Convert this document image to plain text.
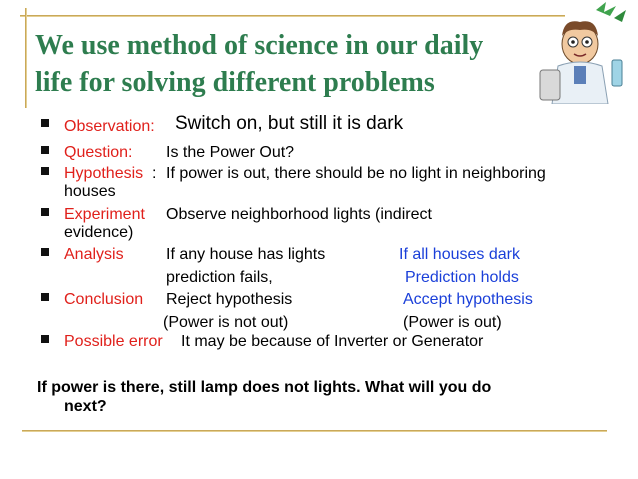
We use method of science in our daily
life for solving different problems
Observation: Switch on, but still it is dark
Question: Is the Power Out?
Hypothesis : If power is out, there should be no light in neighboring
houses
Experiment Observe neighborhood lights (indirect
evidence)
Analysis	If any house has lights
prediction fails,
If all houses dark
Prediction holds
Conclusion Reject hypothesis
(Power is not out)
Accept hypothesis
(Power is out)
Possible error It may be because of Inverter or Generator
If power is there, still lamp does not lights. What will you do
next?
